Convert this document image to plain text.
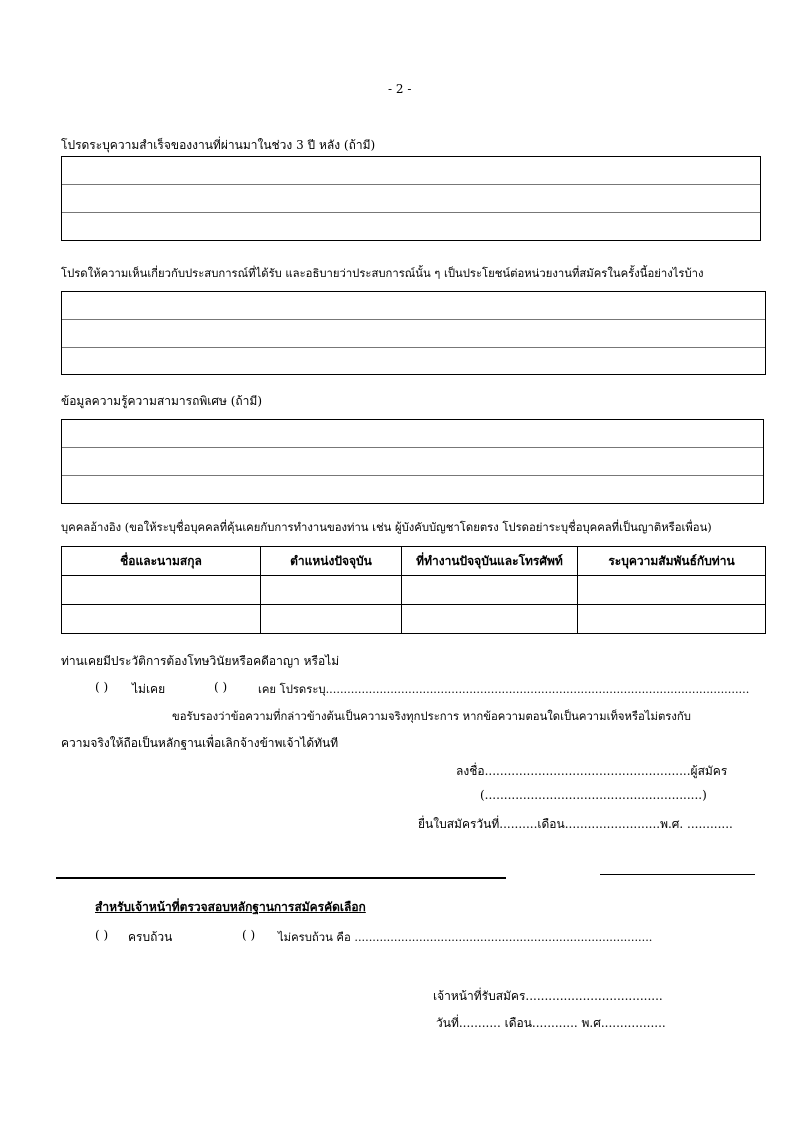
- 2 -
โปรดระบุความสำเร็จของงานที่ผ่านมาในช่วง 3 ปี หลัง (ถ้ามี)
โปรดให้ความเห็นเกี่ยวกับประสบการณ์ที่ได้รับ และอธิบายว่าประสบการณ์นั้น ๆ เป็นประโยชน์ต่อหน่วยงานที่สมัครในครั้งนี้อย่างไรบ้าง
ข้อมูลความรู้ความสามารถพิเศษ (ถ้ามี)
บุคคลอ้างอิง (ขอให้ระบุชื่อบุคคลที่คุ้นเคยกับการทำงานของท่าน เช่น ผู้บังคับบัญชาโดยตรง โปรดอย่าระบุชื่อบุคคลที่เป็นญาติหรือเพื่อน)
ชื่อและนามสกุล	ตำแหน่งปัจจุบัน	ที่ทำงานปัจจุบันและโทรศัพท์	ระบุความสัมพันธ์กับท่าน

ท่านเคยมีประวัติการต้องโทษวินัยหรือคดีอาญา หรือไม่
( ) ไม่เคย	( )	เคย โปรดระบุ......................................................................................................................
ขอรับรองว่าข้อความที่กล่าวข้างต้นเป็นความจริงทุกประการ หากข้อความตอนใดเป็นความเท็จหรือไม่ตรงกับ
ความจริงให้ถือเป็นหลักฐานเพื่อเลิกจ้างข้าพเจ้าได้ทันที
ลงชื่อ......................................................ผู้สมัคร
(.........................................................)
ยื่นใบสมัครวันที่..........เดือน.........................พ.ศ. ............
สำหรับเจ้าหน้าที่ตรวจสอบหลักฐานการสมัครคัดเลือก
( ) ครบถ้วน	( ) ไม่ครบถ้วน คือ ...................................................................................
เจ้าหน้าที่รับสมัคร....................................
วันที่........... เดือน............ พ.ศ.................
